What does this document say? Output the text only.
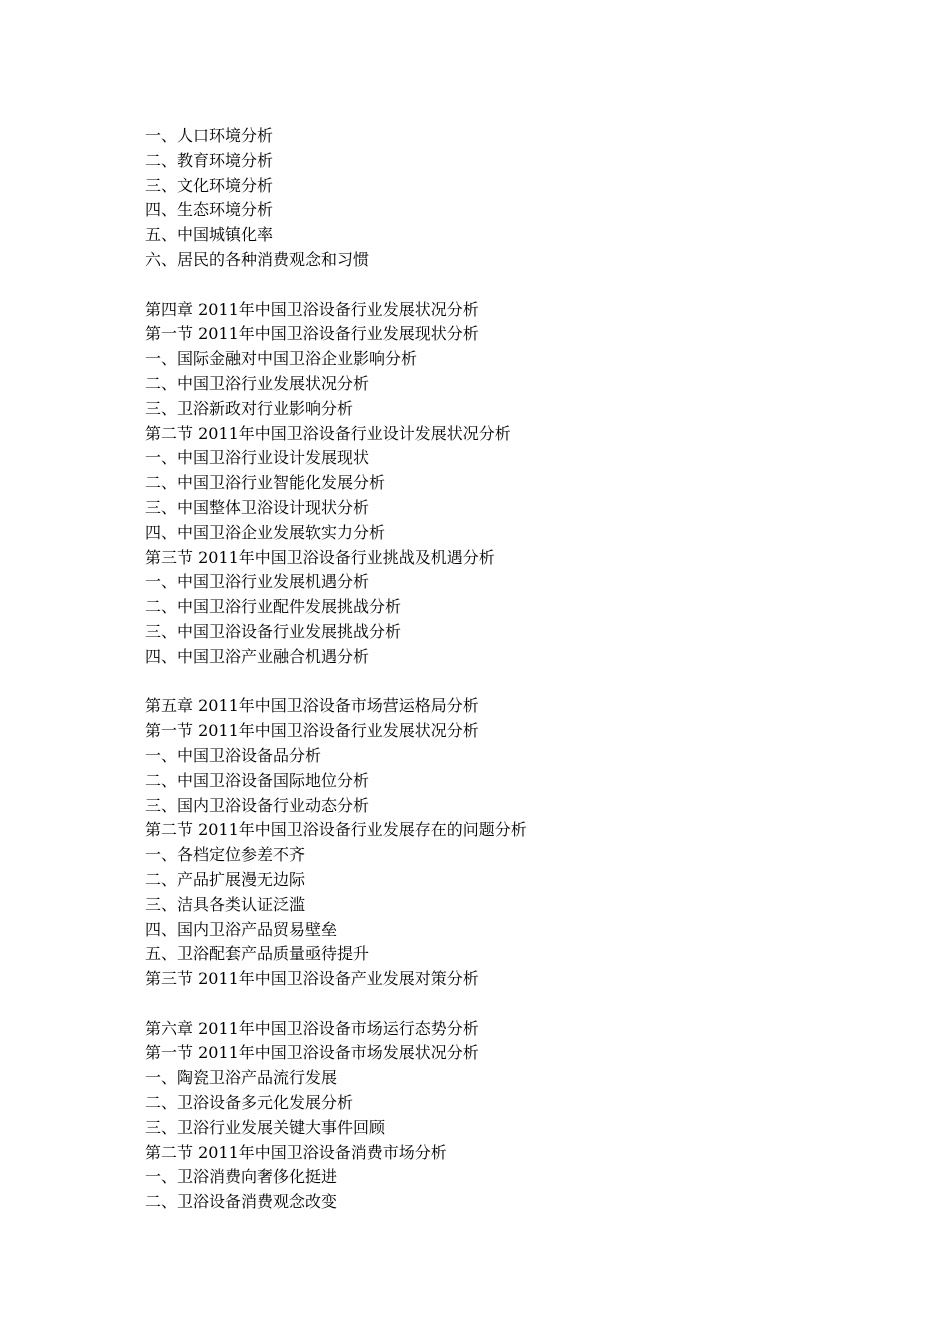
一、人口环境分析
二、教育环境分析
三、文化环境分析
四、生态环境分析
五、中国城镇化率
六、居民的各种消费观念和习惯
第四章 2011年中国卫浴设备行业发展状况分析
第一节 2011年中国卫浴设备行业发展现状分析
一、国际金融对中国卫浴企业影响分析
二、中国卫浴行业发展状况分析
三、卫浴新政对行业影响分析
第二节 2011年中国卫浴设备行业设计发展状况分析
一、中国卫浴行业设计发展现状
二、中国卫浴行业智能化发展分析
三、中国整体卫浴设计现状分析
四、中国卫浴企业发展软实力分析
第三节 2011年中国卫浴设备行业挑战及机遇分析
一、中国卫浴行业发展机遇分析
二、中国卫浴行业配件发展挑战分析
三、中国卫浴设备行业发展挑战分析
四、中国卫浴产业融合机遇分析
第五章 2011年中国卫浴设备市场营运格局分析
第一节 2011年中国卫浴设备行业发展状况分析
一、中国卫浴设备品分析
二、中国卫浴设备国际地位分析
三、国内卫浴设备行业动态分析
第二节 2011年中国卫浴设备行业发展存在的问题分析
一、各档定位参差不齐
二、产品扩展漫无边际
三、洁具各类认证泛滥
四、国内卫浴产品贸易壁垒
五、卫浴配套产品质量亟待提升
第三节 2011年中国卫浴设备产业发展对策分析
第六章 2011年中国卫浴设备市场运行态势分析
第一节 2011年中国卫浴设备市场发展状况分析
一、陶瓷卫浴产品流行发展
二、卫浴设备多元化发展分析
三、卫浴行业发展关键大事件回顾
第二节 2011年中国卫浴设备消费市场分析
一、卫浴消费向奢侈化挺进
二、卫浴设备消费观念改变
